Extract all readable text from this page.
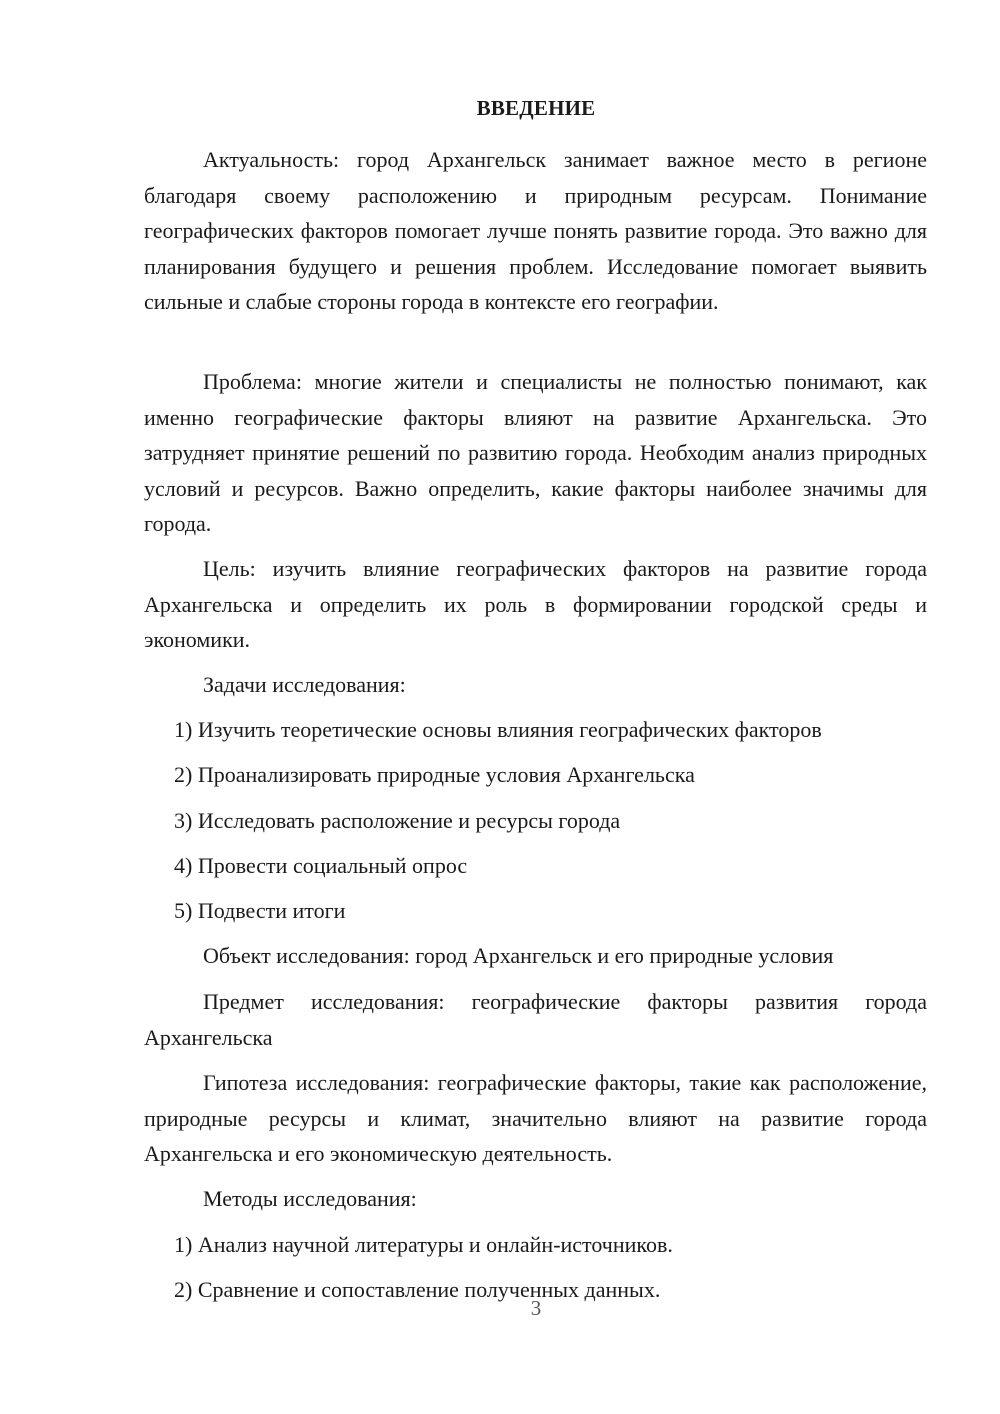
ВВЕДЕНИЕ
Актуальность: город Архангельск занимает важное место в регионе благодаря своему расположению и природным ресурсам. Понимание географических факторов помогает лучше понять развитие города. Это важно для планирования будущего и решения проблем. Исследование помогает выявить сильные и слабые стороны города в контексте его географии.
Проблема: многие жители и специалисты не полностью понимают, как именно географические факторы влияют на развитие Архангельска. Это затрудняет принятие решений по развитию города. Необходим анализ природных условий и ресурсов. Важно определить, какие факторы наиболее значимы для города.
Цель: изучить влияние географических факторов на развитие города Архангельска и определить их роль в формировании городской среды и экономики.
Задачи исследования:
1) Изучить теоретические основы влияния географических факторов
2) Проанализировать природные условия Архангельска
3) Исследовать расположение и ресурсы города
4) Провести социальный опрос
5) Подвести итоги
Объект исследования: город Архангельск и его природные условия
Предмет исследования: географические факторы развития города Архангельска
Гипотеза исследования: географические факторы, такие как расположение, природные ресурсы и климат, значительно влияют на развитие города Архангельска и его экономическую деятельность.
Методы исследования:
1) Анализ научной литературы и онлайн-источников.
2) Сравнение и сопоставление полученных данных.
3
